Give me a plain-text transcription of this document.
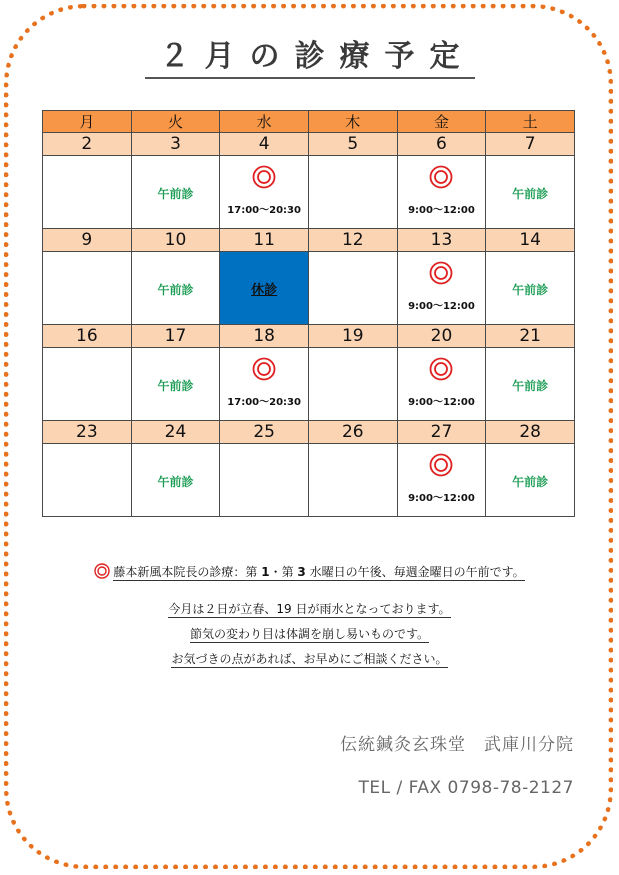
２月の診療予定
月	火	水	木	金	土
2	3	4	5	6	7
	午前診	17:00～20:30		9:00～12:00	午前診
9	10	11	12	13	14
	午前診	休診		9:00～12:00	午前診
16	17	18	19	20	21
	午前診	17:00～20:30		9:00～12:00	午前診
23	24	25	26	27	28
	午前診			9:00～12:00	午前診
藤本新風本院長の診療：第 1・第 3 水曜日の午後、毎週金曜日の午前です。
今月は２日が立春、19 日が雨水となっております。
節気の変わり目は体調を崩し易いものです。
お気づきの点があれば、お早めにご相談ください。
伝統鍼灸玄珠堂　武庫川分院
TEL / FAX 0798-78-2127
